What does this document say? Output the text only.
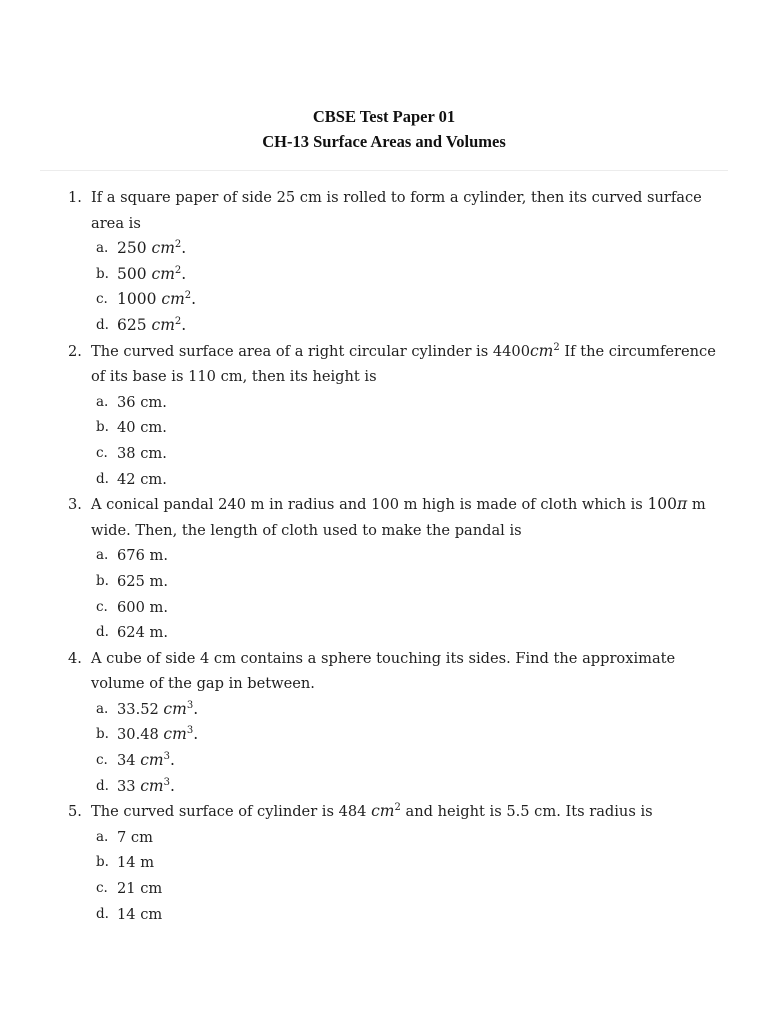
CBSE Test Paper 01
CH-13 Surface Areas and Volumes
1. If a square paper of side 25 cm is rolled to form a cylinder, then its curved surface area is
a. 250 $cm^2$.
b. 500 $cm^2$.
c. 1000 $cm^2$.
d. 625 $cm^2$.
2. The curved surface area of a right circular cylinder is $4400cm^2$ If the circumference of its base is 110 cm, then its height is
a. 36 cm.
b. 40 cm.
c. 38 cm.
d. 42 cm.
3. A conical pandal 240 m in radius and 100 m high is made of cloth which is 100π m wide. Then, the length of cloth used to make the pandal is
a. 676 m.
b. 625 m.
c. 600 m.
d. 624 m.
4. A cube of side 4 cm contains a sphere touching its sides. Find the approximate volume of the gap in between.
a. 33.52 $cm^3$.
b. 30.48 $cm^3$.
c. 34 $cm^3$.
d. 33 $cm^3$.
5. The curved surface of cylinder is 484 $cm^2$ and height is 5.5 cm. Its radius is
a. 7 cm
b. 14 m
c. 21 cm
d. 14 cm
